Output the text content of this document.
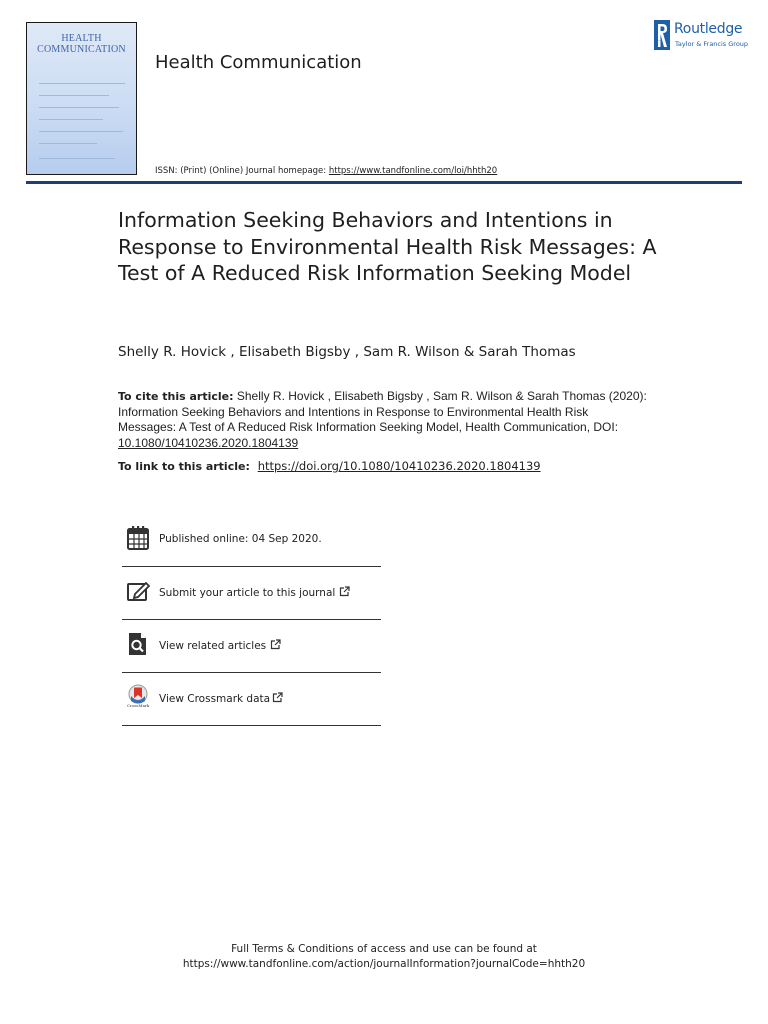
HEALTH
COMMUNICATION
Health Communication
ISSN: (Print) (Online) Journal homepage: https://www.tandfonline.com/loi/hhth20
ROUTLEDGE
Routledge
Taylor & Francis Group
Information Seeking Behaviors and Intentions in Response to Environmental Health Risk Messages: A Test of A Reduced Risk Information Seeking Model
Shelly R. Hovick , Elisabeth Bigsby , Sam R. Wilson & Sarah Thomas
To cite this article: Shelly R. Hovick , Elisabeth Bigsby , Sam R. Wilson & Sarah Thomas (2020): Information Seeking Behaviors and Intentions in Response to Environmental Health Risk Messages: A Test of A Reduced Risk Information Seeking Model, Health Communication, DOI: 10.1080/10410236.2020.1804139
To link to this article: https://doi.org/10.1080/10410236.2020.1804139
Published online: 04 Sep 2020.
Submit your article to this journal
View related articles
CrossMark
View Crossmark data
Full Terms & Conditions of access and use can be found at
https://www.tandfonline.com/action/journalInformation?journalCode=hhth20
